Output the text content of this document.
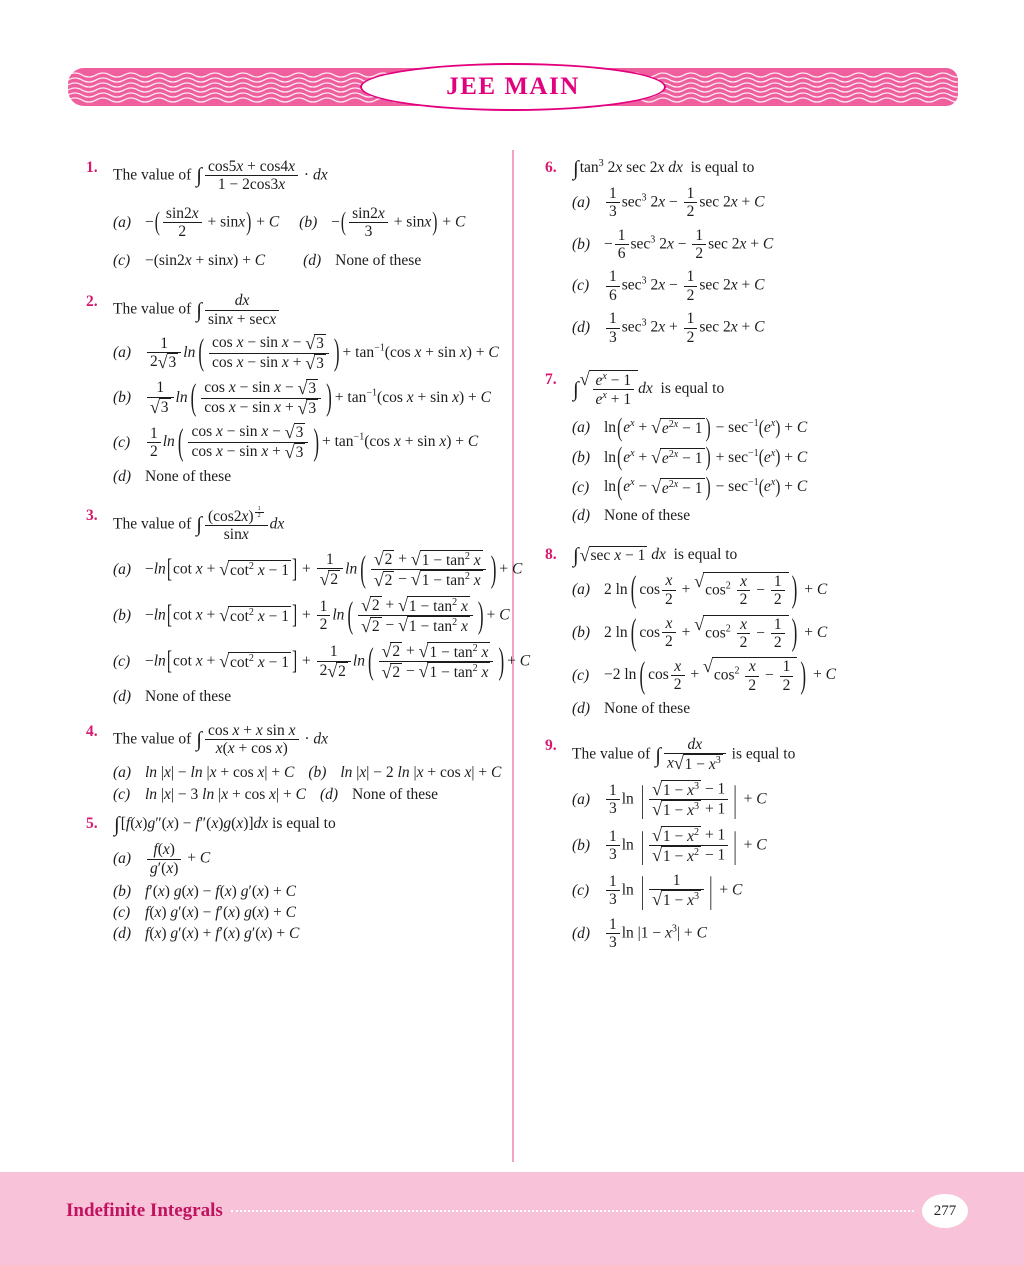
JEE MAIN
1. The value of ∫ $\frac{\cos 5x + \cos 4x}{1 - 2\cos 3x}$ · dx
(a) −( $\frac{\sin 2x}{2} + \sin x) + C$ (b) −( $\frac{\sin 2x}{3} + \sin x) + C$
(c) −(sin2x + sinx) + C (d) None of these
2. The value of ∫	dx
sinx + secx
(a)	$\frac{1}{2 √ 3}$ ln ( $\frac{\text{cos x − sin x − √ 3}}{\text{cos x − sin x + √ 3}}$ ) + $\tan^{-1}(\cos$ x + sin x) + C
(b)	1
√ 3 ln ( $\frac{\text{cos x − sin x − √ 3}}{\text{cos x − sin x + √ 3}}$ ) + $\tan^{-1}(\cos$ x + sin x) + C
(c)	$\frac{1}{2}$ ln ( $\frac{\text{cos x − sin x − √ 3}}{\text{cos x − sin x + √ 3}}$ ) + $\tan^{-1}(\cos$ x + sin x) + C
(d) None of these
3. The value of ∫ (cos2x) $^{\frac{1}{2}}$
sinx dx
(a) −ln[cot x + √ $\cot^2 x - 1$ ] + 1
√ 2 ln ( √ 2 + √ $1 - \tan^2 x$
√ 2 − √ $1 - \tan^2 x$ ) + C
(b) −ln[cot x + √ $\cot^2 x - 1$ ] + $\frac{1}{2}$ ln ( √ 2 + √ $1 - \tan^2 x$
√ 2 − √ $1 - \tan^2 x$ ) + C
(c) −ln[cot x + √ $\cot^2 x - 1$ ] + $\frac{1}{2 √ 2}$ ln ( √ 2 + √ $1 - \tan^2 x$
√ 2 − √ $1 - \tan^2 x$ ) + C
(d) None of these
4. The value of ∫ $\frac{\text{cos x + x sin x}}{\text{x(x + cos x)}}$ · dx
(a) ln |x| − ln |x + cos x| + C (b) ln |x| − 2 ln |x + cos x| + C
(c) ln |x| − 3 ln |x + cos x| + C (d) None of these
5. ∫[f(x)g″(x) − f″(x)g(x)]dx is equal to
(a)	$\frac{f(x)}{g'(x)} + C$
(b) f′(x) g(x) − f(x) g′(x) + C
(c) f(x) g′(x) − f′(x) g(x) + C
(d) f(x) g′(x) + f′(x) g′(x) + C
6. $\int\tan^3$ 2x sec 2x dx  is equal to
(a)	$\frac{1}{3} \sec^3 2x - \frac{1}{2}$ sec 2x + C
$(b) - \frac{1}{6} \sec^3 2x - \frac{1}{2}$ sec 2x + C
(c)	$\frac{1}{6} \sec^3 2x - \frac{1}{2}$ sec 2x + C
(d)	$\frac{1}{3} \sec^3 2x + \frac{1}{2}$ sec 2x + C
7. ∫ √ $\frac{e^x - 1}{e^x + 1}$ dx  is equal to
(a) $\ln(e^x$ + √ $e^{2x} - 1$ ) − $\sec^{-1}(e^x) + C$
(b) $\ln(e^x$ + √ $e^{2x} - 1$ ) + $\sec^{-1}(e^x) + C$
(c) $\ln(e^x$ − √ $e^{2x} - 1$ ) − $\sec^{-1}(e^x) + C$
(d) None of these
8. ∫ √ sec x − 1 dx  is equal to
(a) 2 ln ( $\cos \frac{x}{2}$ + √ $\cos^2 \frac{x}{2} - \frac{1}{2}$ ) + C
(b) 2 ln ( $\cos \frac{x}{2}$ + √ $\cos^2 \frac{x}{2} - \frac{1}{2}$ ) + C
(c) −2 ln ( $\cos \frac{x}{2}$ + √ $\cos^2 \frac{x}{2} - \frac{1}{2}$ ) + C
(d) None of these
9. The value of ∫ $\frac{dx}{x √ 1 - x^3}$ is equal to
(a)	$\frac{1}{3}$ ln | √ $1 - x^3 - 1$
√ $1 - x^3 + 1$ | + C
(b)	$\frac{1}{3}$ ln | √ $1 - x^2 + 1$
√ $1 - x^2 - 1$ | + C
(c)	$\frac{1}{3}$ ln | 1
√ $1 - x^3$ | + C
(d)	$\frac{1}{3}$ $\ln |1 - x^3| + C$
Indefinite Integrals	277
